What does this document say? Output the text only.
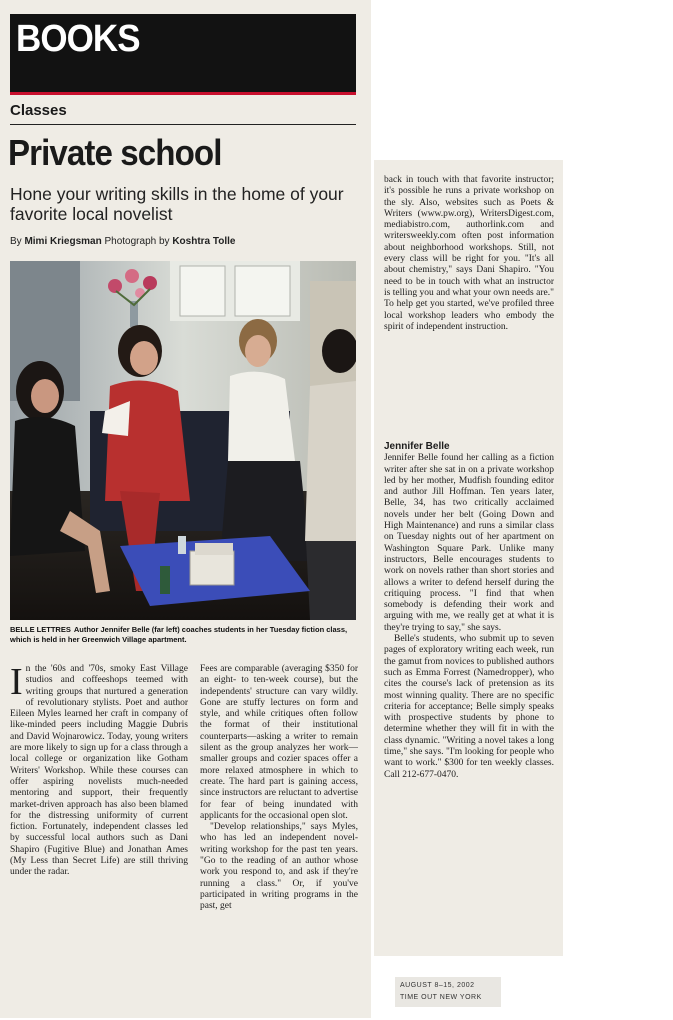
BOOKS
Classes
Private school
Hone your writing skills in the home of your favorite local novelist
By Mimi Kriegsman Photograph by Koshtra Tolle
BELLE LETTRES Author Jennifer Belle (far left) coaches students in her Tuesday fiction class, which is held in her Greenwich Village apartment.

In the '60s and '70s, smoky East Village studios and coffeeshops teemed with writing groups that nurtured a generation of revolutionary stylists. Poet and author Eileen Myles learned her craft in company of like-minded peers including Maggie Dubris and David Wojnarowicz. Today, young writers are more likely to sign up for a class through a local college or organization like Gotham Writers' Workshop. While these courses can offer aspiring novelists much-needed mentoring and support, their frequently market-driven approach has also been blamed for the distressing uniformity of current fiction. Fortunately, independent classes led by successful local authors such as Dani Shapiro (Fugitive Blue) and Jonathan Ames (My Less than Secret Life) are still thriving under the radar.

Fees are comparable (averaging $350 for an eight- to ten-week course), but the independents' structure can vary wildly. Gone are stuffy lectures on form and style, and while critiques often follow the format of their institutional counterparts—asking a writer to remain silent as the group analyzes her work—smaller groups and cozier spaces offer a more relaxed atmosphere in which to create. The hard part is gaining access, since instructors are reluctant to advertise for fear of being inundated with applicants for the occasional open slot.

"Develop relationships," says Myles, who has led an independent novel-writing workshop for the past ten years. "Go to the reading of an author whose work you respond to, and ask if they're running a class." Or, if you've participated in writing programs in the past, get

back in touch with that favorite instructor; it's possible he runs a private workshop on the sly. Also, websites such as Poets & Writers (www.pw.org), WritersDigest.com, mediabistro.com, authorlink.com and writersweekly.com often post information about neighborhood workshops. Still, not every class will be right for you. "It's all about chemistry," says Dani Shapiro. "You need to be in touch with what an instructor is telling you and what your own needs are." To help get you started, we've profiled three local workshop leaders who embody the spirit of independent instruction.

Jennifer Belle

Jennifer Belle found her calling as a fiction writer after she sat in on a private workshop led by her mother, Mudfish founding editor and author Jill Hoffman. Ten years later, Belle, 34, has two critically acclaimed novels under her belt (Going Down and High Maintenance) and runs a similar class on Tuesday nights out of her apartment on Washington Square Park. Unlike many instructors, Belle encourages students to work on novels rather than short stories and allows a writer to defend herself during the critiquing process. "I find that when somebody is defending their work and arguing with me, we really get at what it is they're trying to say," she says.

Belle's students, who submit up to seven pages of exploratory writing each week, run the gamut from novices to published authors such as Emma Forrest (Namedropper), who cites the course's lack of pretension as its most winning quality. There are no specific criteria for acceptance; Belle simply speaks with prospective students by phone to determine whether they will fit in with the class dynamic. "Writing a novel takes a long time," she says. "I'm looking for people who want to work." $300 for ten weekly classes. Call 212-677-0470.

AUGUST 8–15, 2002
TIME OUT NEW YORK
